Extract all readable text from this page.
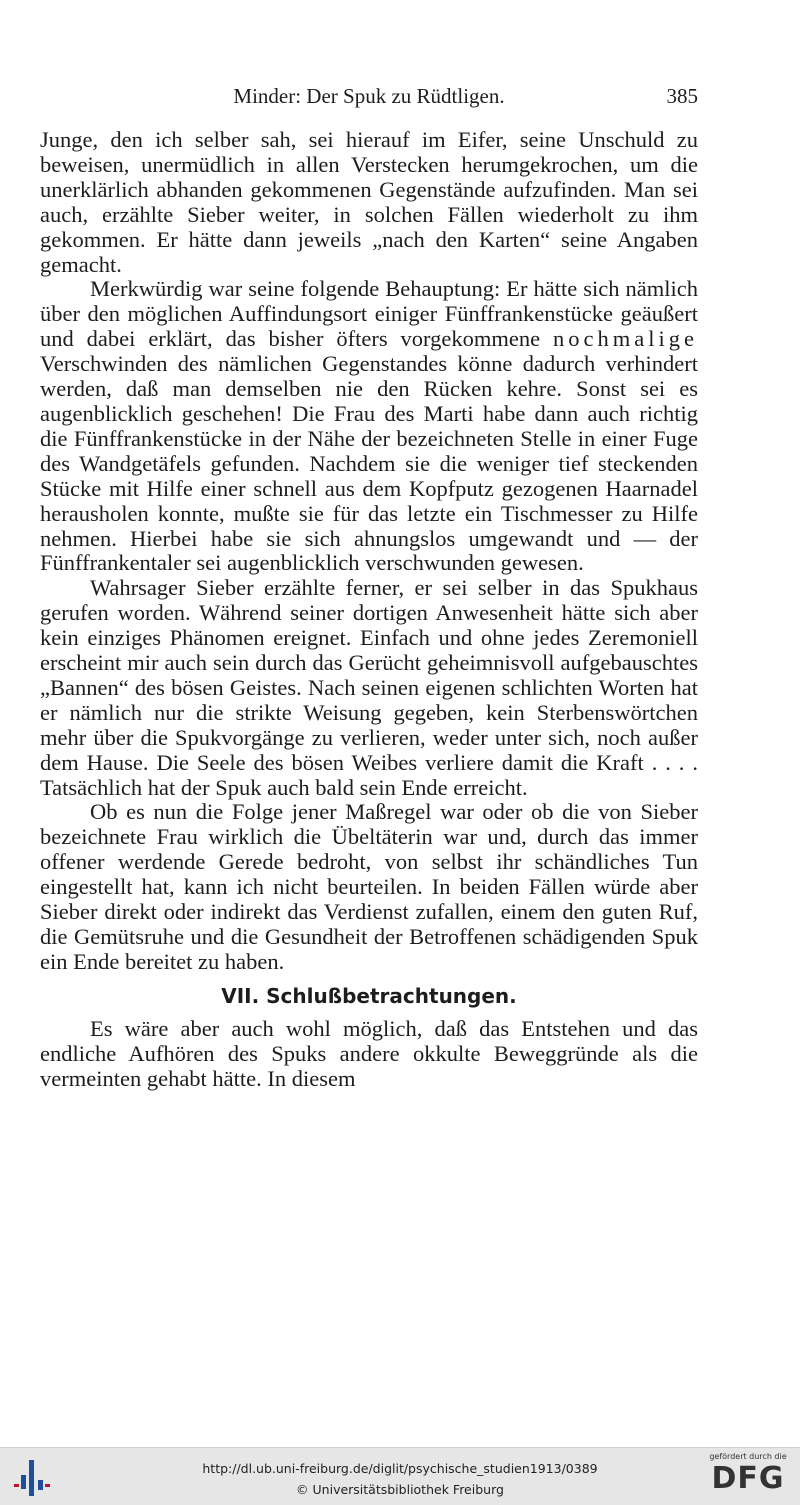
Minder: Der Spuk zu Rüdtligen.	385

Junge, den ich selber sah, sei hierauf im Eifer, seine Unschuld zu beweisen, unermüdlich in allen Verstecken herumgekrochen, um die unerklärlich abhanden gekommenen Gegenstände aufzufinden. Man sei auch, erzählte Sieber weiter, in solchen Fällen wiederholt zu ihm gekommen. Er hätte dann jeweils „nach den Karten“ seine Angaben gemacht.

Merkwürdig war seine folgende Behauptung: Er hätte sich nämlich über den möglichen Auffindungsort einiger Fünffrankenstücke geäußert und dabei erklärt, das bisher öfters vorgekommene nochmalige Verschwinden des nämlichen Gegenstandes könne dadurch verhindert werden, daß man demselben nie den Rücken kehre. Sonst sei es augenblicklich geschehen! Die Frau des Marti habe dann auch richtig die Fünffrankenstücke in der Nähe der bezeichneten Stelle in einer Fuge des Wandgetäfels gefunden. Nachdem sie die weniger tief steckenden Stücke mit Hilfe einer schnell aus dem Kopfputz gezogenen Haarnadel herausholen konnte, mußte sie für das letzte ein Tischmesser zu Hilfe nehmen. Hierbei habe sie sich ahnungslos umgewandt und — der Fünffrankentaler sei augenblicklich verschwunden gewesen.

Wahrsager Sieber erzählte ferner, er sei selber in das Spukhaus gerufen worden. Während seiner dortigen Anwesenheit hätte sich aber kein einziges Phänomen ereignet. Einfach und ohne jedes Zeremoniell erscheint mir auch sein durch das Gerücht geheimnisvoll aufgebauschtes „Bannen“ des bösen Geistes. Nach seinen eigenen schlichten Worten hat er nämlich nur die strikte Weisung gegeben, kein Sterbenswörtchen mehr über die Spukvorgänge zu verlieren, weder unter sich, noch außer dem Hause. Die Seele des bösen Weibes verliere damit die Kraft . . . . Tatsächlich hat der Spuk auch bald sein Ende erreicht.

Ob es nun die Folge jener Maßregel war oder ob die von Sieber bezeichnete Frau wirklich die Übeltäterin war und, durch das immer offener werdende Gerede bedroht, von selbst ihr schändliches Tun eingestellt hat, kann ich nicht beurteilen. In beiden Fällen würde aber Sieber direkt oder indirekt das Verdienst zufallen, einem den guten Ruf, die Gemütsruhe und die Gesundheit der Betroffenen schädigenden Spuk ein Ende bereitet zu haben.

VII. Schlußbetrachtungen.

Es wäre aber auch wohl möglich, daß das Entstehen und das endliche Aufhören des Spuks andere okkulte Beweggründe als die vermeinten gehabt hätte. In diesem

http://dl.ub.uni-freiburg.de/diglit/psychische_studien1913/0389
© Universitätsbibliothek Freiburg
gefördert durch die
DFG
